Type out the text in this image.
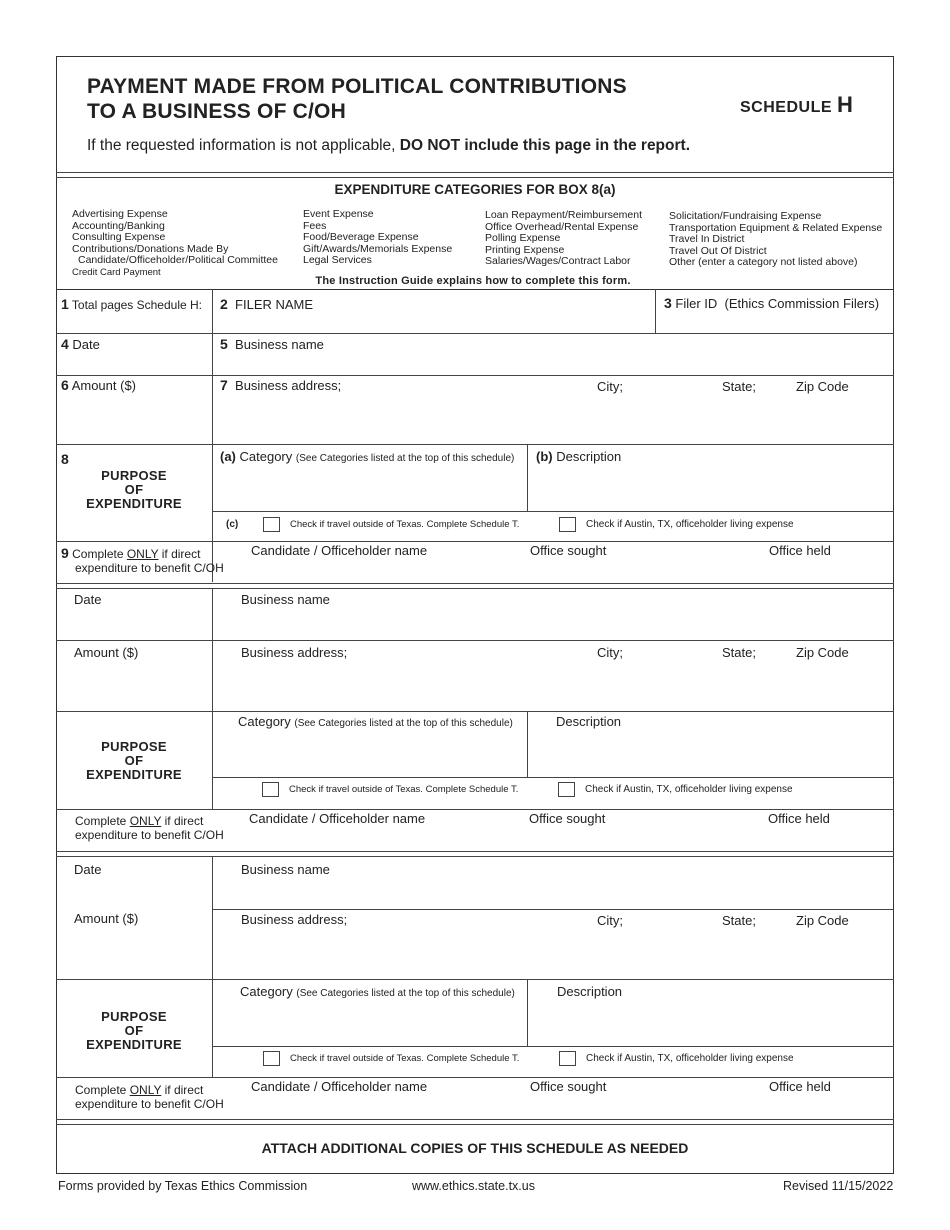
PAYMENT MADE FROM POLITICAL CONTRIBUTIONS
TO A BUSINESS OF C/OH	SCHEDULE H
If the requested information is not applicable, DO NOT include this page in the report.
EXPENDITURE CATEGORIES FOR BOX 8(a)
Advertising Expense
Accounting/Banking
Consulting Expense
Contributions/Donations Made By
Candidate/Officeholder/Political Committee
Credit Card Payment
Event Expense
Fees
Food/Beverage Expense
Gift/Awards/Memorials Expense
Legal Services
Loan Repayment/Reimbursement
Office Overhead/Rental Expense
Polling Expense
Printing Expense
Salaries/Wages/Contract Labor
Solicitation/Fundraising Expense
Transportation Equipment & Related Expense
Travel In District
Travel Out Of District
Other (enter a category not listed above)
The Instruction Guide explains how to complete this form.
1 Total pages Schedule H: 2 FILER NAME	3 Filer ID (Ethics Commission Filers)
4 Date	5 Business name
6 Amount ($)	7 Business address;	City;	State;	Zip Code
8
PURPOSE
OF
EXPENDITURE
(a) Category (See Categories listed at the top of this schedule) (b) Description
(c)	Check if travel outside of Texas. Complete Schedule T.	Check if Austin, TX, officeholder living expense
9 Complete ONLY if direct
expenditure to benefit C/OH
Candidate / Officeholder name	Office sought	Office held
Date	Business name
Amount ($)	Business address;	City;	State;	Zip Code
PURPOSE
OF
EXPENDITURE
Category (See Categories listed at the top of this schedule)	Description
Check if travel outside of Texas. Complete Schedule T.	Check if Austin, TX, officeholder living expense
Complete ONLY if direct
expenditure to benefit C/OH
Candidate / Officeholder name	Office sought	Office held
Date	Business name
Amount ($)	Business address;	City;	State;	Zip Code
PURPOSE
OF
EXPENDITURE
Category (See Categories listed at the top of this schedule)	Description
Check if travel outside of Texas. Complete Schedule T.	Check if Austin, TX, officeholder living expense
Complete ONLY if direct
expenditure to benefit C/OH
Candidate / Officeholder name	Office sought	Office held
ATTACH ADDITIONAL COPIES OF THIS SCHEDULE AS NEEDED
Forms provided by Texas Ethics Commission	www.ethics.state.tx.us	Revised 11/15/2022
